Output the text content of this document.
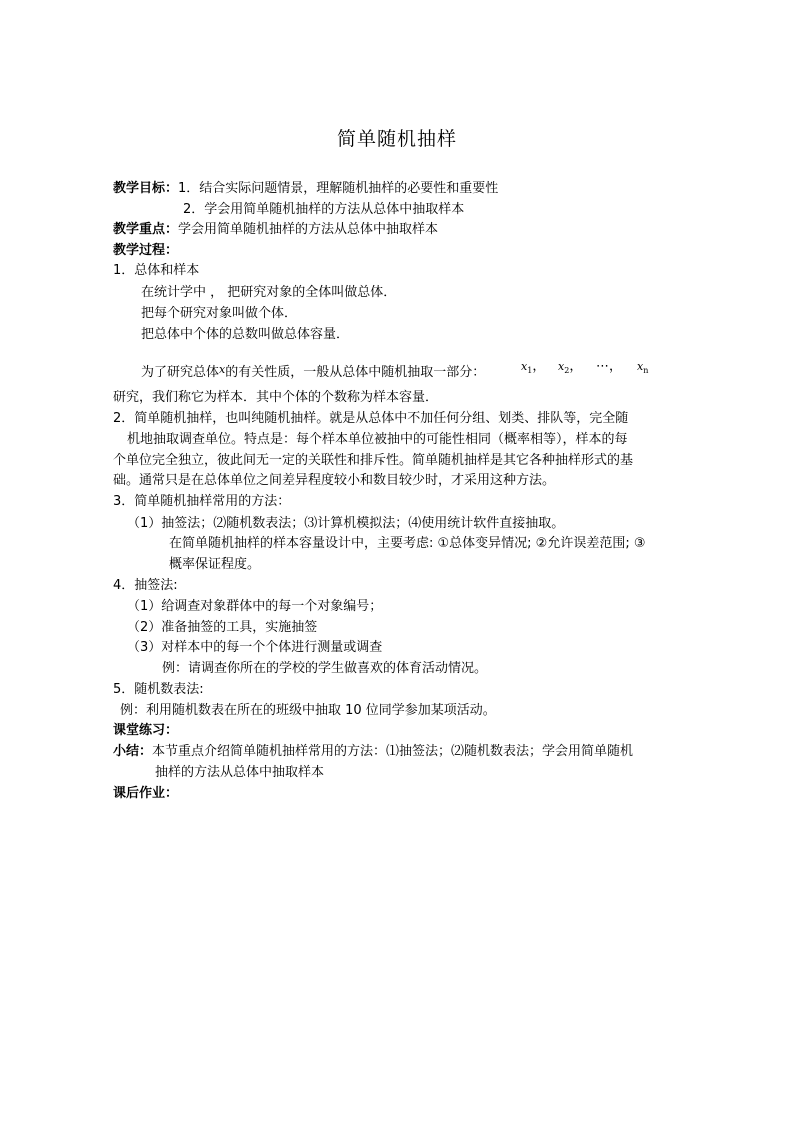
简单随机抽样
教学目标：1．结合实际问题情景，理解随机抽样的必要性和重要性
2．学会用简单随机抽样的方法从总体中抽取样本
教学重点：学会用简单随机抽样的方法从总体中抽取样本
教学过程：
1．总体和样本
在统计学中 ， 把研究对象的全体叫做总体．
把每个研究对象叫做个体．
把总体中个体的总数叫做总体容量．
为了研究总体$^x$的有关性质，一般从总体中随机抽取一部分：	$x_1$， $x_2$， ⋯， $x_n$
研究，我们称它为样本．其中个体的个数称为样本容量．
2．简单随机抽样，也叫纯随机抽样。就是从总体中不加任何分组、划类、排队等，完全随
机地抽取调查单位。特点是：每个样本单位被抽中的可能性相同（概率相等），样本的每
个单位完全独立，彼此间无一定的关联性和排斥性。简单随机抽样是其它各种抽样形式的基
础。通常只是在总体单位之间差异程度较小和数目较少时，才采用这种方法。
3．简单随机抽样常用的方法：
（1）抽签法；⑵随机数表法；⑶计算机模拟法；⑷使用统计软件直接抽取。
在简单随机抽样的样本容量设计中，主要考虑: ①总体变异情况; ②允许误差范围; ③
概率保证程度。
4．抽签法:
（1）给调查对象群体中的每一个对象编号；
（2）准备抽签的工具，实施抽签
（3）对样本中的每一个个体进行测量或调查
例：请调查你所在的学校的学生做喜欢的体育活动情况。
5．随机数表法:
例：利用随机数表在所在的班级中抽取 10 位同学参加某项活动。
课堂练习：
小结：本节重点介绍简单随机抽样常用的方法：⑴抽签法；⑵随机数表法；学会用简单随机
抽样的方法从总体中抽取样本
课后作业：
